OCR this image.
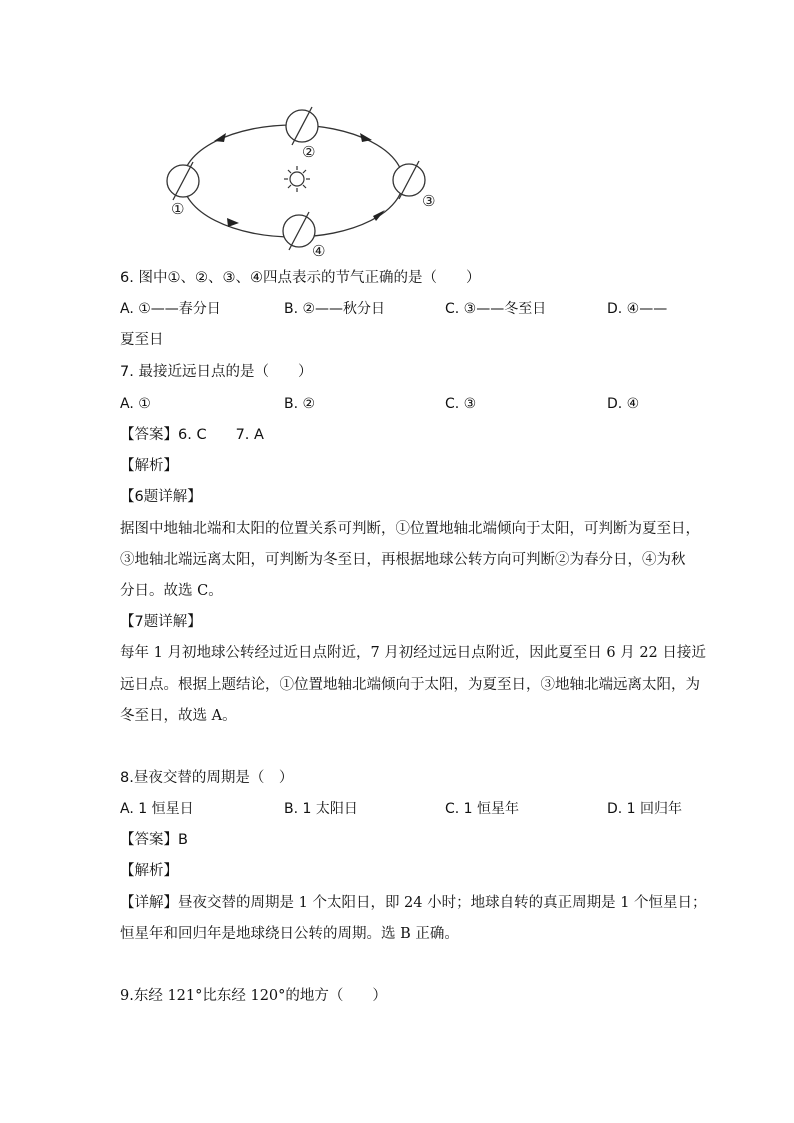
①
②
③
④
6. 图中①、②、③、④四点表示的节气正确的是（　　）
A. ①——春分日	B. ②——秋分日	C. ③——冬至日	D. ④——
夏至日
7. 最接近远日点的是（　　）
A. ①	B. ②	C. ③	D. ④
【答案】6. C　　7. A
【解析】
【6题详解】
据图中地轴北端和太阳的位置关系可判断，①位置地轴北端倾向于太阳，可判断为夏至日，
③地轴北端远离太阳，可判断为冬至日，再根据地球公转方向可判断②为春分日，④为秋
分日。故选 C。
【7题详解】
每年 1 月初地球公转经过近日点附近，7 月初经过远日点附近，因此夏至日 6 月 22 日接近
远日点。根据上题结论，①位置地轴北端倾向于太阳，为夏至日，③地轴北端远离太阳，为
冬至日，故选 A。
8.昼夜交替的周期是（　）
A. 1 恒星日	B. 1 太阳日	C. 1 恒星年	D. 1 回归年
【答案】B
【解析】
【详解】昼夜交替的周期是 1 个太阳日，即 24 小时；地球自转的真正周期是 1 个恒星日；
恒星年和回归年是地球绕日公转的周期。选 B 正确。
9.东经 121°比东经 120°的地方（　　）
